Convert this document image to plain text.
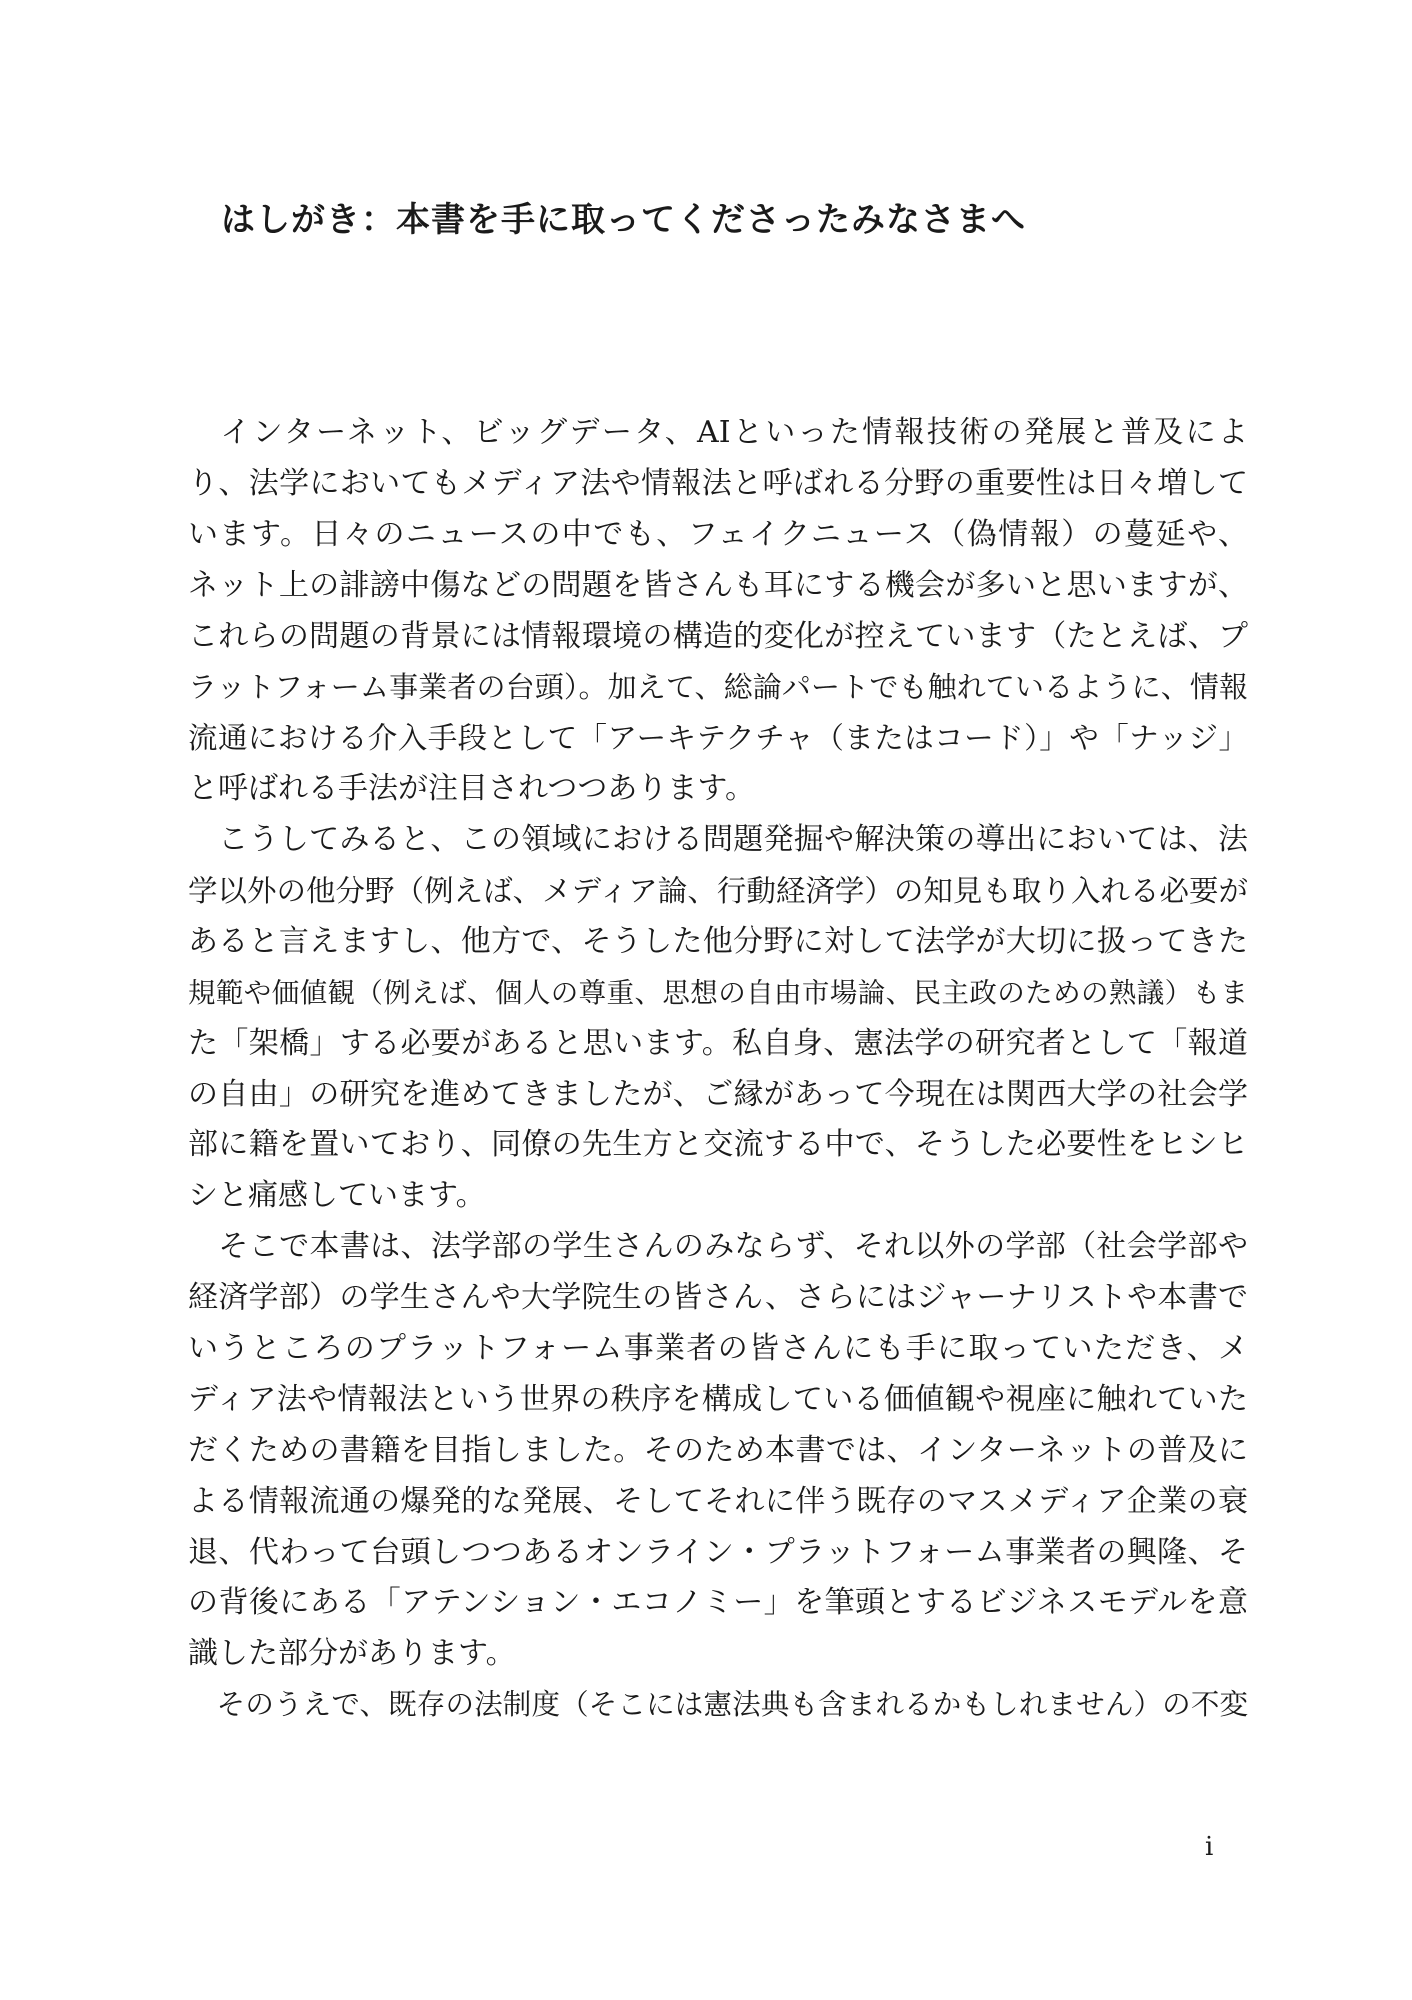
はしがき：本書を手に取ってくださったみなさまへ
　インターネット、ビッグデータ、AIといった情報技術の発展と普及によ
り、法学においてもメディア法や情報法と呼ばれる分野の重要性は日々増して
います。日々のニュースの中でも、フェイクニュース（偽情報）の蔓延や、
ネット上の誹謗中傷などの問題を皆さんも耳にする機会が多いと思いますが、
これらの問題の背景には情報環境の構造的変化が控えています（たとえば、プ
ラットフォーム事業者の台頭）。加えて、総論パートでも触れているように、情報
流通における介入手段として「アーキテクチャ（またはコード）」や「ナッジ」
と呼ばれる手法が注目されつつあります。
　こうしてみると、この領域における問題発掘や解決策の導出においては、法
学以外の他分野（例えば、メディア論、行動経済学）の知見も取り入れる必要が
あると言えますし、他方で、そうした他分野に対して法学が大切に扱ってきた
規範や価値観（例えば、個人の尊重、思想の自由市場論、民主政のための熟議）もま
た「架橋」する必要があると思います。私自身、憲法学の研究者として「報道
の自由」の研究を進めてきましたが、ご縁があって今現在は関西大学の社会学
部に籍を置いており、同僚の先生方と交流する中で、そうした必要性をヒシヒ
シと痛感しています。
　そこで本書は、法学部の学生さんのみならず、それ以外の学部（社会学部や
経済学部）の学生さんや大学院生の皆さん、さらにはジャーナリストや本書で
いうところのプラットフォーム事業者の皆さんにも手に取っていただき、メ
ディア法や情報法という世界の秩序を構成している価値観や視座に触れていた
だくための書籍を目指しました。そのため本書では、インターネットの普及に
よる情報流通の爆発的な発展、そしてそれに伴う既存のマスメディア企業の衰
退、代わって台頭しつつあるオンライン・プラットフォーム事業者の興隆、そ
の背後にある「アテンション・エコノミー」を筆頭とするビジネスモデルを意
識した部分があります。
　そのうえで、既存の法制度（そこには憲法典も含まれるかもしれません）の不変
i
